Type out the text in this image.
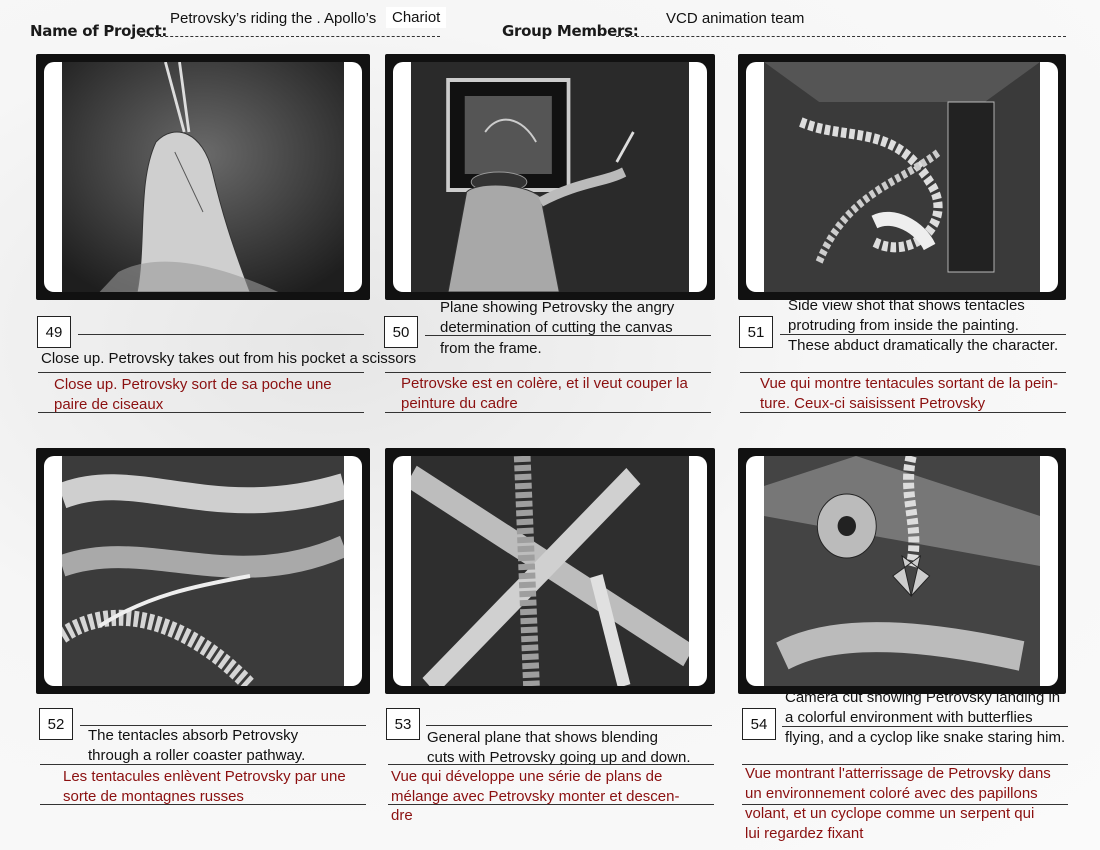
Name of Project:
Petrovsky’s riding the . Apollo’s	Chariot
Group Members:
VCD animation team
49
Close up. Petrovsky takes out from his pocket a scissors
Close up. Petrovsky sort de sa poche une
paire de ciseaux
50
Plane showing Petrovsky the angry
determination of cutting the canvas
from the frame.
Petrovske est en colère, et il veut couper la
peinture du cadre
51
Side view shot that shows tentacles
protruding from inside the painting.
These abduct dramatically the character.
Vue qui montre tentacules sortant de la pein-
ture. Ceux-ci saisissent Petrovsky
52
The tentacles absorb Petrovsky
through a roller coaster pathway.
Les tentacules enlèvent Petrovsky par une
sorte de montagnes russes
53
General plane that shows blending
cuts with Petrovsky going up and down.
Vue qui développe une série de plans de
mélange avec Petrovsky monter et descen-
dre
54
Camera cut showing Petrovsky landing in
a colorful environment with butterflies
flying, and a cyclop like snake staring him.
Vue montrant l'atterrissage de Petrovsky dans
un environnement coloré avec des papillons
volant, et un cyclope comme un serpent qui
lui regardez fixant
